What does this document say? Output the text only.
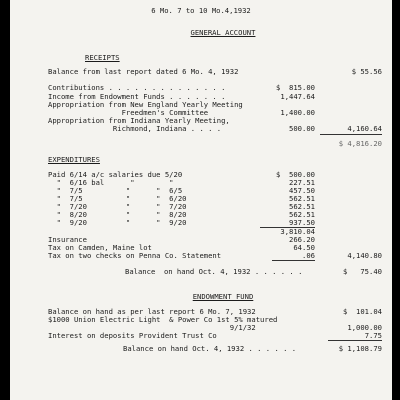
6 Mo. 7 to 10 Mo.4,1932
GENERAL ACCOUNT
RECEIPTS
Balance from last report dated 6 Mo. 4, 1932	$ 55.56
Contributions . . . . . . . . . . . . . .	$  815.00
Income from Endowment Funds . . . . . . .	1,447.64
Appropriation from New England Yearly Meeting
Freedmen's Committee	1,400.00
Appropriation from Indiana Yearly Meeting,
Richmond, Indiana . . . .	500.00	4,160.64
$ 4,816.20
EXPENDITURES
Paid 6/14 a/c salaries due 5/20	$  500.00
"  6/16 bal      "        "	227.51
"  7/5          "      "  6/5	457.50
"  7/5          "      "  6/20	562.51
"  7/20         "      "  7/20	562.51
"  8/20         "      "  8/20	562.51
"  9/20         "      "  9/20	937.50
3,810.04
Insurance	266.20
Tax on Camden, Maine lot	64.50
Tax on two checks on Penna Co. Statement	.06	4,140.80
Balance  on hand Oct. 4, 1932 . . . . . .	$   75.40
ENDOWMENT FUND
Balance on hand as per last report 6 Mo. 7, 1932	$  101.04
$1000 Union Electric Light  & Power Co 1st 5% matured
9/1/32	1,000.00
Interest on deposits Provident Trust Co	7.75
Balance on hand Oct. 4, 1932 . . . . . .	$ 1,108.79
